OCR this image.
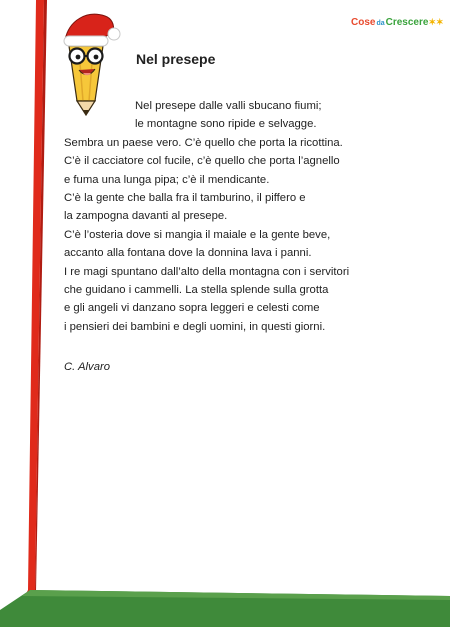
CosedaCrescere✶✶
Nel presepe
Nel presepe dalle valli sbucano fiumi;
le montagne sono ripide e selvagge.
Sembra un paese vero. C’è quello che porta la ricottina.
C’è il cacciatore col fucile, c’è quello che porta l’agnello
e fuma una lunga pipa; c’è il mendicante.
C’è la gente che balla fra il tamburino, il piffero e
la zampogna davanti al presepe.
C’è l’osteria dove si mangia il maiale e la gente beve,
accanto alla fontana dove la donnina lava i panni.
I re magi spuntano dall’alto della montagna con i servitori
che guidano i cammelli. La stella splende sulla grotta
e gli angeli vi danzano sopra leggeri e celesti come
i pensieri dei bambini e degli uomini, in questi giorni.
C. Alvaro
